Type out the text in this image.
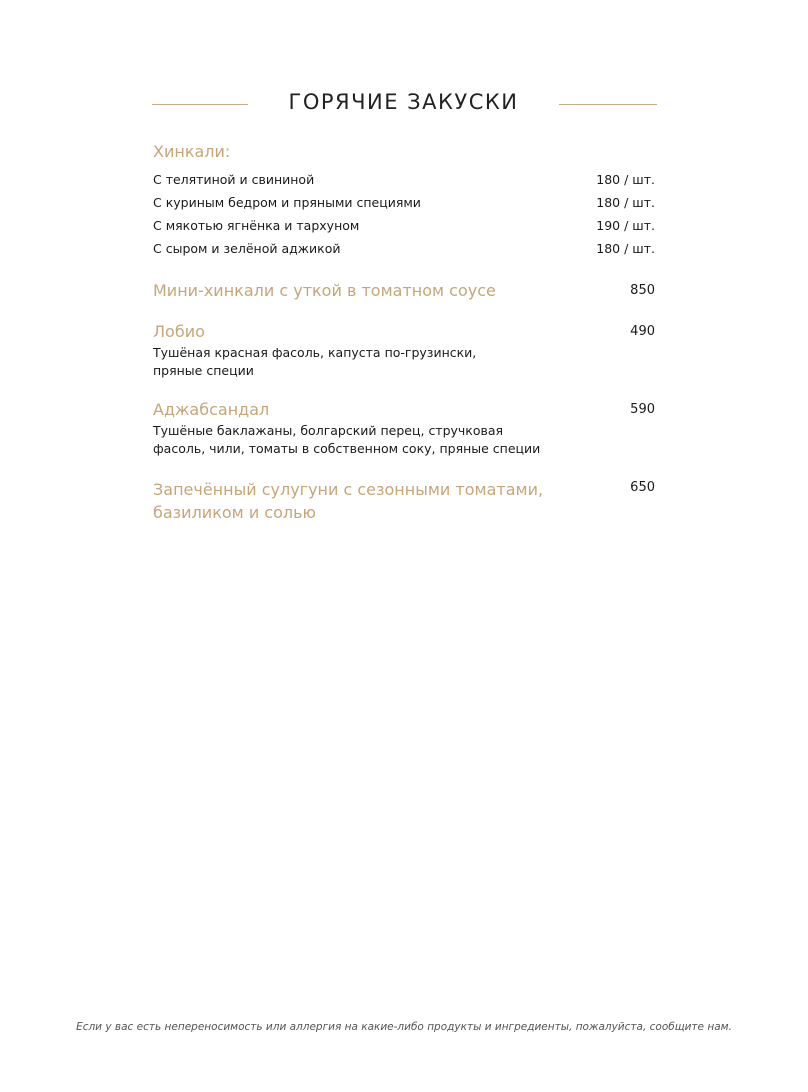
ГОРЯЧИЕ ЗАКУСКИ
Хинкали:
С телятиной и свининой	180 / шт.
С куриным бедром и пряными специями	180 / шт.
С мякотью ягнёнка и тархуном	190 / шт.
С сыром и зелёной аджикой	180 / шт.
Мини-хинкали с уткой в томатном соусе	850
Лобио	490
Тушёная красная фасоль, капуста по-грузински,
пряные специи
Аджабсандал	590
Тушёные баклажаны, болгарский перец, стручковая
фасоль, чили, томаты в собственном соку, пряные специи
Запечённый сулугуни с сезонными томатами,
базиликом и солью
650
Если у вас есть непереносимость или аллергия на какие-либо продукты и ингредиенты, пожалуйста, сообщите нам.
